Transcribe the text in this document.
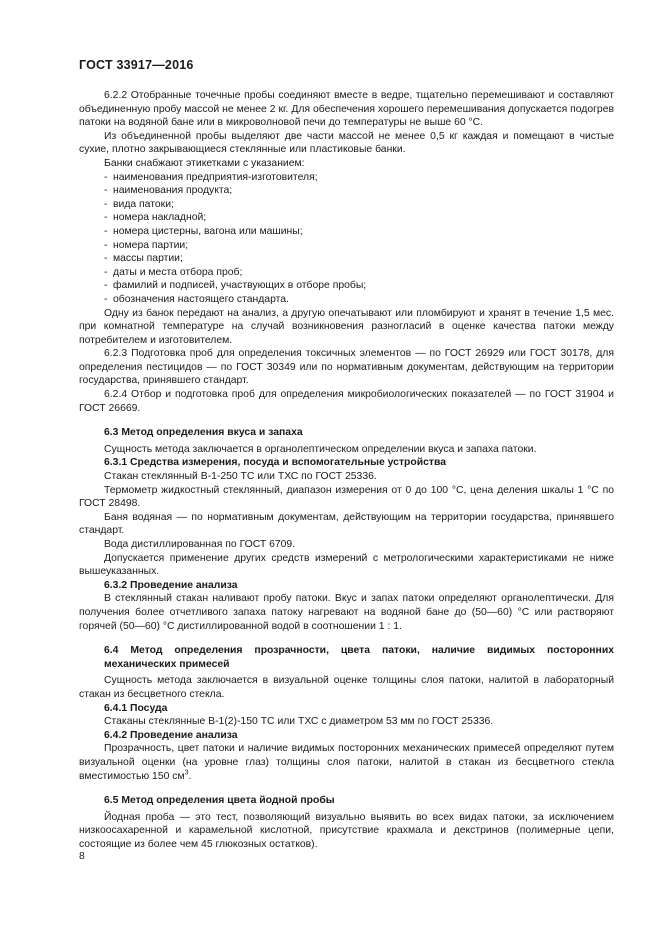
ГОСТ 33917—2016

6.2.2 Отобранные точечные пробы соединяют вместе в ведре, тщательно перемешивают и составляют объединенную пробу массой не менее 2 кг. Для обеспечения хорошего перемешивания допускается подогрев патоки на водяной бане или в микроволновой печи до температуры не выше 60 °С.

Из объединенной пробы выделяют две части массой не менее 0,5 кг каждая и помещают в чистые сухие, плотно закрывающиеся стеклянные или пластиковые банки.

Банки снабжают этикетками с указанием:

- наименования предприятия-изготовителя;

- наименования продукта;

- вида патоки;

- номера накладной;

- номера цистерны, вагона или машины;

- номера партии;

- массы партии;

- даты и места отбора проб;

- фамилий и подписей, участвующих в отборе пробы;

- обозначения настоящего стандарта.

Одну из банок передают на анализ, а другую опечатывают или пломбируют и хранят в течение 1,5 мес. при комнатной температуре на случай возникновения разногласий в оценке качества патоки между потребителем и изготовителем.

6.2.3 Подготовка проб для определения токсичных элементов — по ГОСТ 26929 или ГОСТ 30178, для определения пестицидов — по ГОСТ 30349 или по нормативным документам, действующим на территории государства, принявшего стандарт.

6.2.4 Отбор и подготовка проб для определения микробиологических показателей — по ГОСТ 31904 и ГОСТ 26669.

6.3 Метод определения вкуса и запаха

Сущность метода заключается в органолептическом определении вкуса и запаха патоки.

6.3.1 Средства измерения, посуда и вспомогательные устройства

Стакан стеклянный В-1-250 ТС или ТХС по ГОСТ 25336.

Термометр жидкостный стеклянный, диапазон измерения от 0 до 100 °С, цена деления шкалы 1 °С по ГОСТ 28498.

Баня водяная — по нормативным документам, действующим на территории государства, принявшего стандарт.

Вода дистиллированная по ГОСТ 6709.

Допускается применение других средств измерений с метрологическими характеристиками не ниже вышеуказанных.

6.3.2 Проведение анализа

В стеклянный стакан наливают пробу патоки. Вкус и запах патоки определяют органолептически. Для получения более отчетливого запаха патоку нагревают на водяной бане до (50—60) °С или растворяют горячей (50—60) °С дистиллированной водой в соотношении 1 : 1.

6.4 Метод определения прозрачности, цвета патоки, наличие видимых посторонних механических примесей

Сущность метода заключается в визуальной оценке толщины слоя патоки, налитой в лабораторный стакан из бесцветного стекла.

6.4.1 Посуда

Стаканы стеклянные В-1(2)-150 ТС или ТХС с диаметром 53 мм по ГОСТ 25336.

6.4.2 Проведение анализа

Прозрачность, цвет патоки и наличие видимых посторонних механических примесей определяют путем визуальной оценки (на уровне глаз) толщины слоя патоки, налитой в стакан из бесцветного стекла вместимостью 150 $см^3$.

6.5 Метод определения цвета йодной пробы

Йодная проба — это тест, позволяющий визуально выявить во всех видах патоки, за исключением низкоосахаренной и карамельной кислотной, присутствие крахмала и декстринов (полимерные цепи, состоящие из более чем 45 глюкозных остатков).

8
